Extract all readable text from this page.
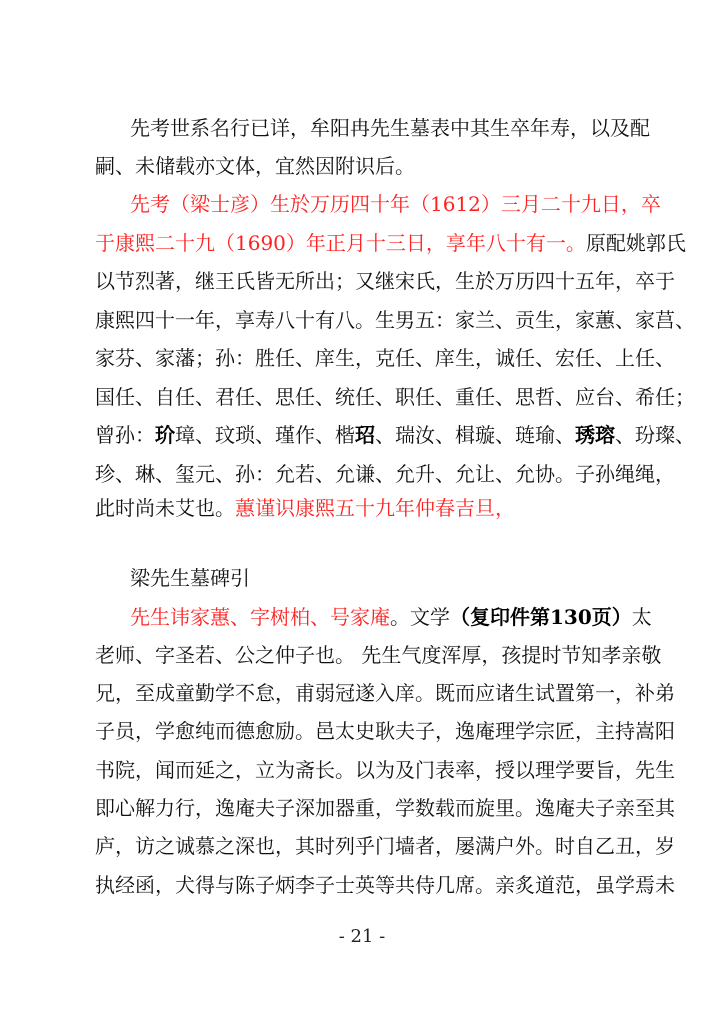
先考世系名行已详，牟阳冉先生墓表中其生卒年寿，以及配
嗣、未储载亦文体，宜然因附识后。
先考（梁士彦）生於万历四十年（1612）三月二十九日，卒
于康熙二十九（1690）年正月十三日，享年八十有一。原配姚郭氏
以节烈著，继王氏皆无所出；又继宋氏，生於万历四十五年，卒于
康熙四十一年，享寿八十有八。生男五：家兰、贡生，家蕙、家莒、
家芬、家藩；孙：胜任、庠生，克任、庠生，诚任、宏任、上任、
国任、自任、君任、思任、统任、职任、重任、思哲、应台、希任；
曾孙：玠璋、玟琐、瑾作、楷玿、瑞汝、楫璇、琏瑜、琇瑢、玢璨、
珍、琳、玺元、孙：允若、允谦、允升、允让、允协。子孙绳绳，
此时尚未艾也。蕙谨识康熙五十九年仲春吉旦，
梁先生墓碑引
先生讳家蕙、字树柏、号家庵。文学（复印件第130页）太
老师、字圣若、公之仲子也。 先生气度浑厚，孩提时节知孝亲敬
兄，至成童勤学不怠，甫弱冠遂入庠。既而应诸生试置第一，补弟
子员，学愈纯而德愈励。邑太史耿夫子，逸庵理学宗匠，主持嵩阳
书院，闻而延之，立为斋长。以为及门表率，授以理学要旨，先生
即心解力行，逸庵夫子深加器重，学数载而旋里。逸庵夫子亲至其
庐，访之诚慕之深也，其时列乎门墙者，屡满户外。时自乙丑，岁
执经函，犬得与陈子炳李子士英等共侍几席。亲炙道范，虽学焉未
- 21 -
